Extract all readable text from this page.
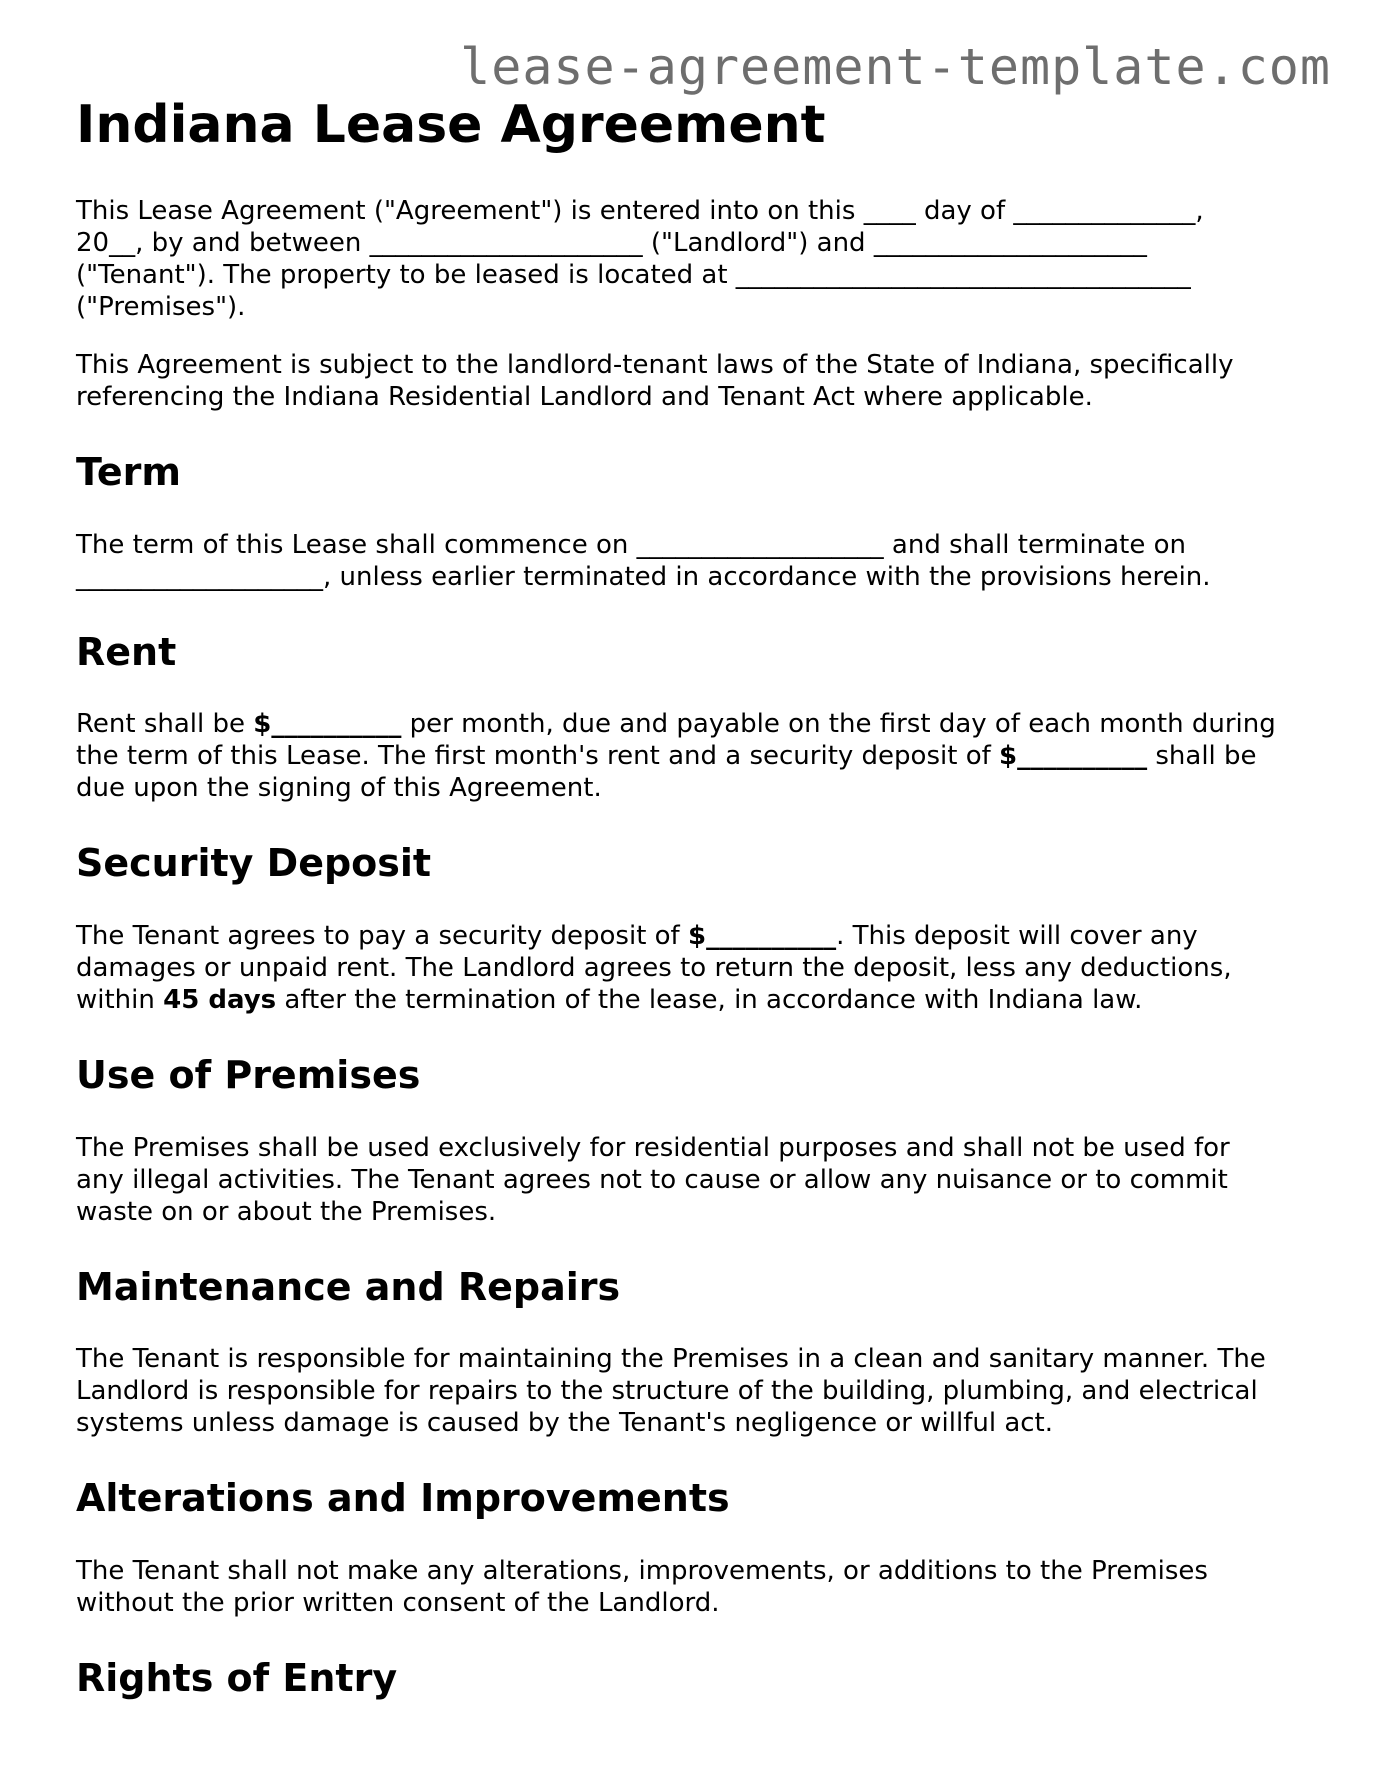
lease-agreement-template.com
Indiana Lease Agreement

This Lease Agreement ("Agreement") is entered into on this ____ day of ______________,
20__, by and between _____________________ ("Landlord") and _____________________
("Tenant"). The property to be leased is located at ___________________________________
("Premises").

This Agreement is subject to the landlord-tenant laws of the State of Indiana, specifically referencing the Indiana Residential Landlord and Tenant Act where applicable.

Term

The term of this Lease shall commence on ___________________ and shall terminate on ___________________, unless earlier terminated in accordance with the provisions herein.

Rent

Rent shall be $__________ per month, due and payable on the first day of each month during the term of this Lease. The first month's rent and a security deposit of $__________ shall be due upon the signing of this Agreement.

Security Deposit

The Tenant agrees to pay a security deposit of $__________. This deposit will cover any damages or unpaid rent. The Landlord agrees to return the deposit, less any deductions, within 45 days after the termination of the lease, in accordance with Indiana law.

Use of Premises

The Premises shall be used exclusively for residential purposes and shall not be used for any illegal activities. The Tenant agrees not to cause or allow any nuisance or to commit waste on or about the Premises.

Maintenance and Repairs

The Tenant is responsible for maintaining the Premises in a clean and sanitary manner. The Landlord is responsible for repairs to the structure of the building, plumbing, and electrical systems unless damage is caused by the Tenant's negligence or willful act.

Alterations and Improvements

The Tenant shall not make any alterations, improvements, or additions to the Premises without the prior written consent of the Landlord.

Rights of Entry
